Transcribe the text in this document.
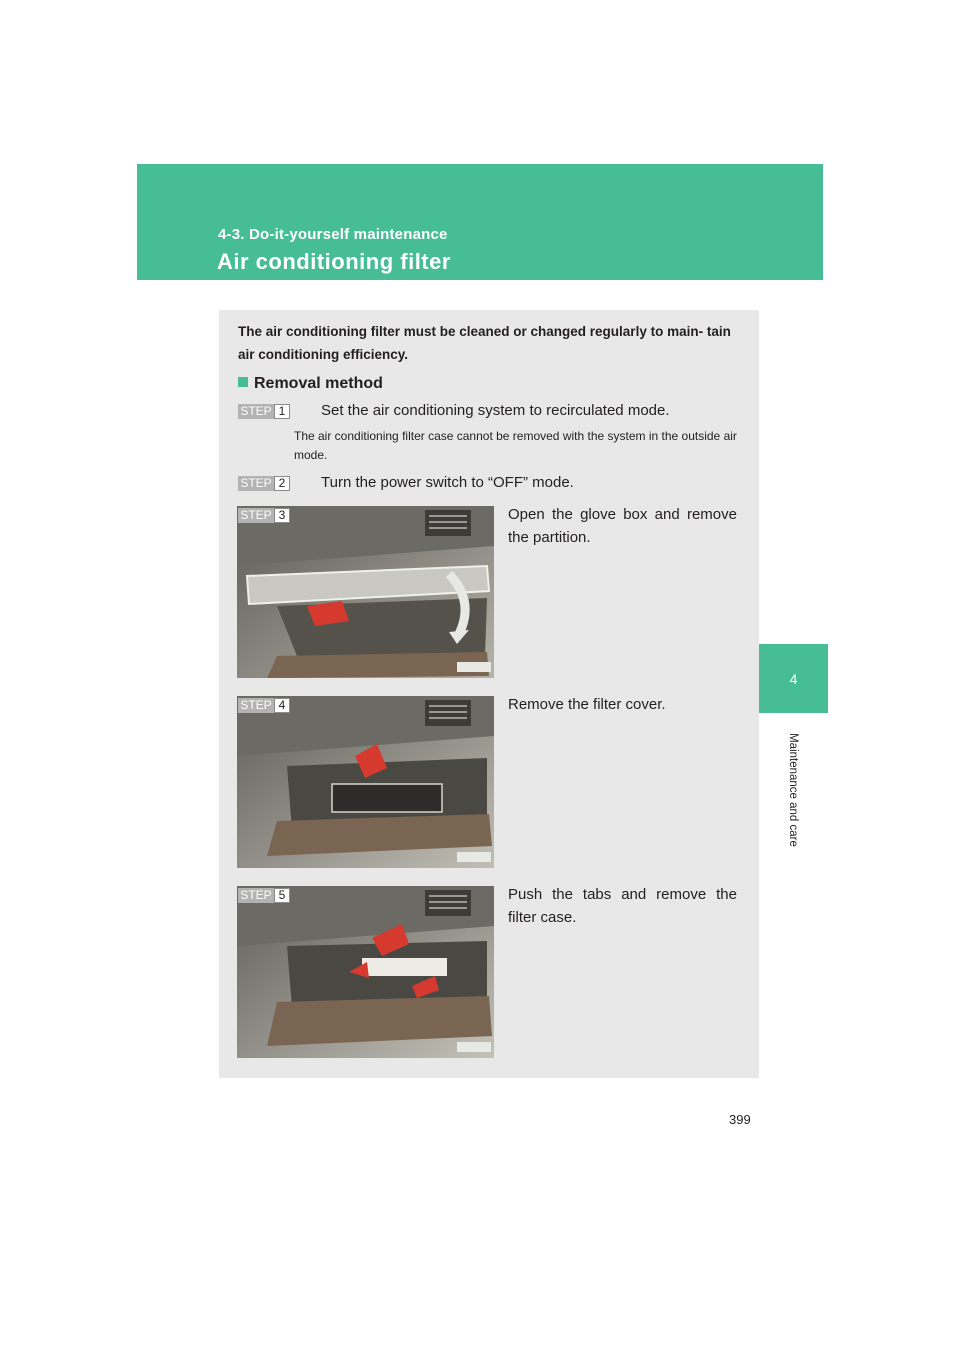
4-3. Do-it-yourself maintenance
Air conditioning filter
4
Maintenance and care
The air conditioning filter must be cleaned or changed regularly to main- tain air conditioning efficiency.
Removal method
STEP 1	Set the air conditioning system to recirculated mode.
The air conditioning filter case cannot be removed with the system in the outside air mode.
STEP 2	Turn the power switch to “OFF” mode.
STEP 3	Open the glove box and remove the partition.
STEP 4	Remove the filter cover.
STEP 5	Push the tabs and remove the filter case.
399
